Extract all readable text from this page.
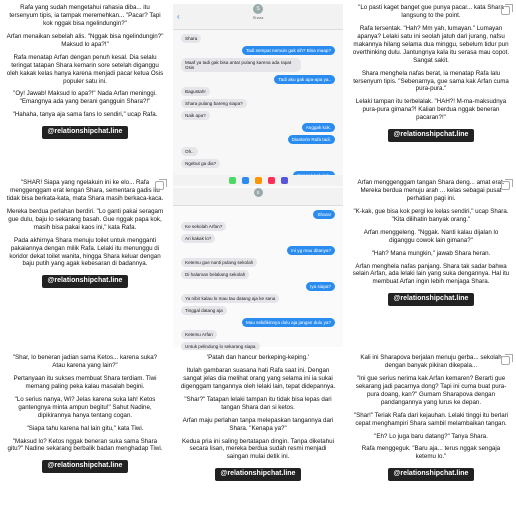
Rafa yang sudah mengetahui rahasia diba... itu tersenyum tipis, ia tampak meremehkan... "Pacar? Tapi kok nggak bisa ngelindungin?"

Arfan menaikan sebelah alis. "Nggak bisa ngelindungin?" Maksud lo apa?!"

Rafa menatap Arfan dengan penuh kesal. Dia selalu teringat tatapan Shara kemarin sore setelah diganggu oleh kakak kelas hanya karena menjadi pacar ketua Osis populer satu ini.

"Oy! Jawab! Maksud lo apa?!" Nada Arfan meninggi. "Emangnya ada yang berani gangguin Shara?!"

"Hahaha, tanya aja sama fans lo sendiri," ucap Rafa.

@relationshipchat.line
‹
S
Shara
Shara
Tadi sempat nemuin gak sih? Bisa maap?
Maaf ya tadi gak bisa antar pulang karena ada rapat Osis
Tadi aku gak apa-apa ya..
Bagustah!
Shara pulang bareng siapa?
Naik apa?
Anggak kok.
Dianterin Rafa tadi.
Oh..
Ngebut ga dia?

"Lo pasti kaget banget gue punya pacar... kata Shara langsung to the point.

Rafa tersentak. "Hah? Mm yah, lumayan." Lumayan apanya? Lelaki satu ini seolah jatuh dari jurang, nafsu makannya hilang selama dua minggu, sebelum tidur pun overthinking dulu. Jantungnya kala itu serasa mau copot. Sangat sakit.

Shara menghela nafas berat, ia menatap Rafa lalu tersenyum tipis. "Sebenarnya, gue sama kak Arfan cuma pura-pura."

Lelaki tampan itu terbelalak. "HAH?! M-ma-maksudnya pura-pura gimana?! Kalian berdua nggak beneran pacaran?!"

@relationshipchat.line

"SHAR! Siapa yang ngelakuin ini ke elo... Rafa menggenggam erat lengan Shara, sementara gadis itu tidak bisa berkata-kata, mata Shara masih berkaca-kaca.

Mereka berdua perlahan berdiri. "Lo ganti pakai seragam gue dulu, baju lo sekarang basah. Gue nggak papa kok, masih bisa pakai kaos ini," kata Rafa.

Pada akhirnya Shara menuju toilet untuk mengganti pakaiannya dengan milik Rafa. Lelaki itu menunggu di koridor dekat toilet wanita, hingga Shara keluar dengan baju putih yang agak kebesaran di badannya.

@relationshipchat.line
S
Shara!
Ke sekolah Arfan?
Ari kakak lo?
Ini yg mau ditanya?
Ketemu gue nanti pulang sekolah
Di halaman belakang sekolah
Iya siapa?
Ya nibir kalau lo mau tau datang aja ke sana
Tinggal datang aja
Mau selidikinnya dulu aja jangan dulu ya?
Ketemu Arfan
Untuk pelindung lo sekarang siapa

Arfan menggenggam tangan Shara deng... amat erat. Mereka berdua menuju arah ... kelas sebagai pusat perhatian pagi ini.

"K-kak, gue bisa kok pergi ke kelas sendiri," ucap Shara. "Kita dilihatin banyak orang."

Arfan menggeleng. "Nggak. Nanti kalau dijalan lo diganggu cowok lain gimana?"

"Hah? Mana mungkin," jawab Shara heran.

Arfan menghela nafas panjang. Shara tak sadar bahwa selain Arfan, ada lelaki lain yang suka dengannya. Hal itu membuat Arfan ingin lebih menjaga Shara.

@relationshipchat.line

"Shar, lo beneran jadian sama Ketos... karena suka? Atau karena yang lain?"

Pertanyaan itu sukses membuat Shara terdiam. Tiwi memang paling peka kalau masalah begini.

"Lo serius nanya, Wi? Jelas karena suka lah! Ketos gantengnya minta ampun begitu!" Sahut Nadine, dipikirannya hanya tentang cogan.

"Siapa tahu karena hal lain gitu," kata Tiwi.

"Maksud lo? Ketos nggak beneran suka sama Shara gitu?" Nadine sekarang berbalik badan menghadap Tiwi.

@relationshipchat.line

'Patah dan hancur berkeping-keping.'

Itulah gambaran suasana hati Rafa saat ini. Dengan sangat jelas dia melihat orang yang selama ini ia sukai digenggam tangannya oleh lelaki lain, tepat didepannya.

"Shar?" Tatapan lelaki tampan itu tidak bisa lepas dari tangan Shara dan si ketos.

Arfan maju perlahan tanpa melepaskan tangannya dari Shara. "Kenapa ya?"

Kedua pria ini saling bertatapan dingin. Tanpa diketahui secara lisan, mereka berdua sudah resmi menjadi saingan mulai detik ini.

@relationshipchat.line

Kali ini Sharapova berjalan menuju gerba... sekolah dengan banyak pikiran dikepala...

"Ini gue serius nerima kak Arfan kemaren? Berarti gue sekarang jadi pacarnya dong? Tapi ini cuma buat pura-pura doang, kan?" Gumam Sharapova dengan pandangannya yang lurus ke depan.

"Shar!" Teriak Rafa dari kejauhan. Lelaki tinggi itu berlari cepat menghampiri Shara sambil melambaikan tangan.

"Eh? Lo juga baru datang?" Tanya Shara.

Rafa menggeguk. "Baru aja... terus nggak sengaja ketemu lo."

@relationshipchat.line
